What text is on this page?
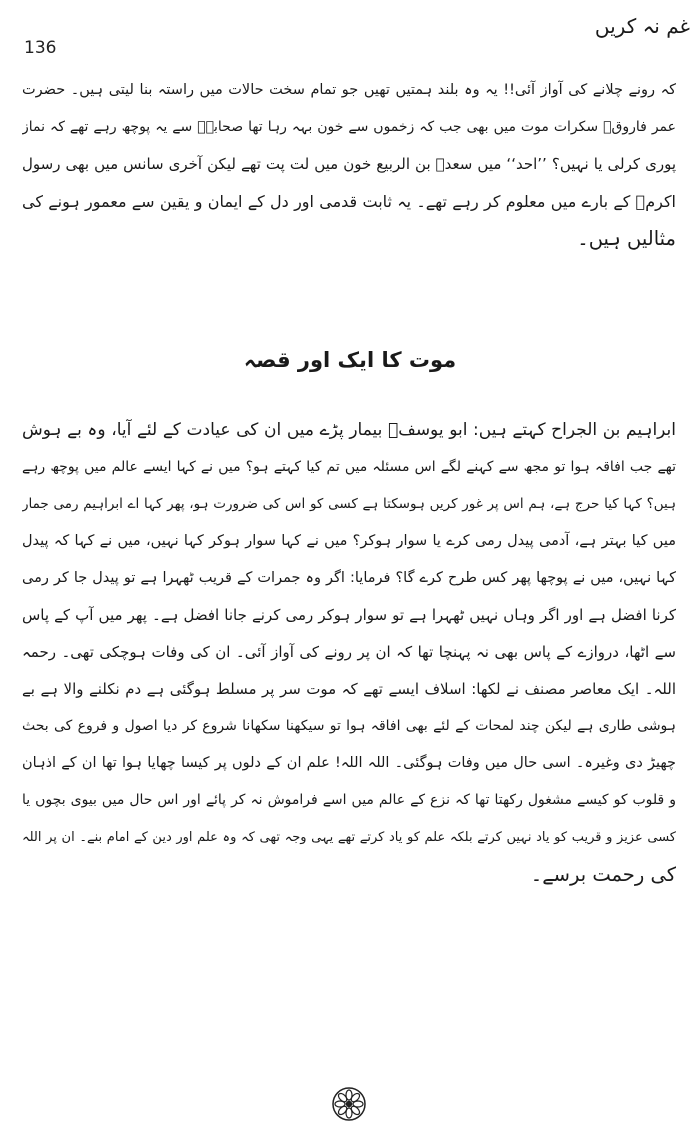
غم نہ کریں
136
کہ رونے چلانے کی آواز آئی!! یہ وہ بلند ہمتیں تھیں جو تمام سخت حالات میں راستہ بنا لیتی ہیں۔ حضرت
عمر فاروقؓ سکرات موت میں بھی جب کہ زخموں سے خون بہہ رہا تھا صحابہؓ سے یہ پوچھ رہے تھے کہ نماز
پوری کرلی یا نہیں؟ ’’احد‘‘ میں سعدؓ بن الربیع خون میں لت پت تھے لیکن آخری سانس میں بھی رسول
اکرمؐ کے بارے میں معلوم کر رہے تھے۔ یہ ثابت قدمی اور دل کے ایمان و یقین سے معمور ہونے کی
مثالیں ہیں۔
موت کا ایک اور قصہ
ابراہیم بن الجراح کہتے ہیں: ابو یوسفؒ بیمار پڑے میں ان کی عیادت کے لئے آیا، وہ بے ہوش
تھے جب افاقہ ہوا تو مجھ سے کہنے لگے اس مسئلہ میں تم کیا کہتے ہو؟ میں نے کہا ایسے عالم میں پوچھ رہے
ہیں؟ کہا کیا حرج ہے، ہم اس پر غور کریں ہوسکتا ہے کسی کو اس کی ضرورت ہو، پھر کہا اے ابراہیم رمی جمار
میں کیا بہتر ہے، آدمی پیدل رمی کرے یا سوار ہوکر؟ میں نے کہا سوار ہوکر کہا نہیں، میں نے کہا کہ پیدل
کہا نہیں، میں نے پوچھا پھر کس طرح کرے گا؟ فرمایا: اگر وہ جمرات کے قریب ٹھہرا ہے تو پیدل جا کر رمی
کرنا افضل ہے اور اگر وہاں نہیں ٹھہرا ہے تو سوار ہوکر رمی کرنے جانا افضل ہے۔ پھر میں آپ کے پاس
سے اٹھا، دروازے کے پاس بھی نہ پہنچا تھا کہ ان پر رونے کی آواز آئی۔ ان کی وفات ہوچکی تھی۔ رحمہ
اللہ۔ ایک معاصر مصنف نے لکھا: اسلاف ایسے تھے کہ موت سر پر مسلط ہوگئی ہے دم نکلنے والا ہے بے
ہوشی طاری ہے لیکن چند لمحات کے لئے بھی افاقہ ہوا تو سیکھنا سکھانا شروع کر دیا اصول و فروع کی بحث
چھیڑ دی وغیرہ۔ اسی حال میں وفات ہوگئی۔ اللہ اللہ! علم ان کے دلوں پر کیسا چھایا ہوا تھا ان کے اذہان
و قلوب کو کیسے مشغول رکھتا تھا کہ نزع کے عالم میں اسے فراموش نہ کر پائے اور اس حال میں بیوی بچوں یا
کسی عزیز و قریب کو یاد نہیں کرتے بلکہ علم کو یاد کرتے تھے یہی وجہ تھی کہ وہ علم اور دین کے امام بنے۔ ان پر اللہ
کی رحمت برسے۔
